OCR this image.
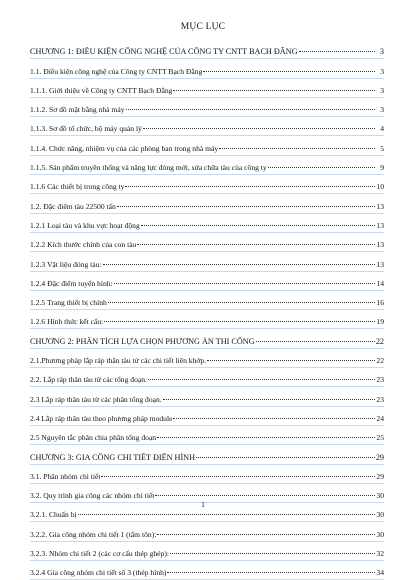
MỤC LỤC
CHƯƠNG 1: ĐIỀU KIỆN CÔNG NGHỆ CỦA CÔNG TY CNTT BẠCH ĐẰNG	3
1.1. Điều kiện công nghệ của Công ty CNTT Bạch Đằng	3
1.1.1. Giới thiệu về Công ty CNTT Bạch Đằng	3
1.1.2. Sơ đồ mặt bằng nhà máy	3
1.1.3. Sơ đồ tổ chức, bộ máy quản lý	4
1.1.4. Chức năng, nhiệm vụ của các phòng ban trong nhà máy	5
1.1.5. Sản phẩm truyền thống và năng lực đóng mới, sửa chữa tàu của công ty	9
1.1.6 Các thiết bị trong công ty	10
1.2. Đặc điểm tàu 22500 tấn	13
1.2.1 Loại tàu và khu vực hoạt động	13
1.2.2 Kích thước chính của con tàu	13
1.2.3 Vật liệu đóng tàu:	13
1.2.4 Đặc điểm tuyến hình:	14
1.2.5 Trang thiết bị chính	16
1.2.6 Hình thức kết cấu:	19
CHƯƠNG 2: PHÂN TÍCH LỰA CHỌN PHƯƠNG ÁN THI CÔNG	22
2.1.Phương pháp lắp ráp thân tàu từ các chi tiết liên khớp.	22
2.2. Lắp ráp thân tàu từ các tổng đoạn.	23
2.3 Lắp ráp thân tàu từ các phân tổng đoạn.	23
2.4 Lắp ráp thân tàu theo phương pháp module	24
2.5 Nguyên tắc phân chia phân tổng đoạn	25
CHƯƠNG 3: GIA CÔNG CHI TIẾT ĐIỂN HÌNH	29
3.1. Phân nhóm chi tiết	29
3.2. Quy trình gia công các nhóm chi tiết	30
3.2.1. Chuẩn bị	30
3.2.2. Gia công nhóm chi tiết 1 (tấm tôn):	30
3.2.3. Nhóm chi tiết 2 (các cơ cấu thép ghép):	32
3.2.4 Gia công nhóm chi tiết số 3 (thép hình)	34
1
